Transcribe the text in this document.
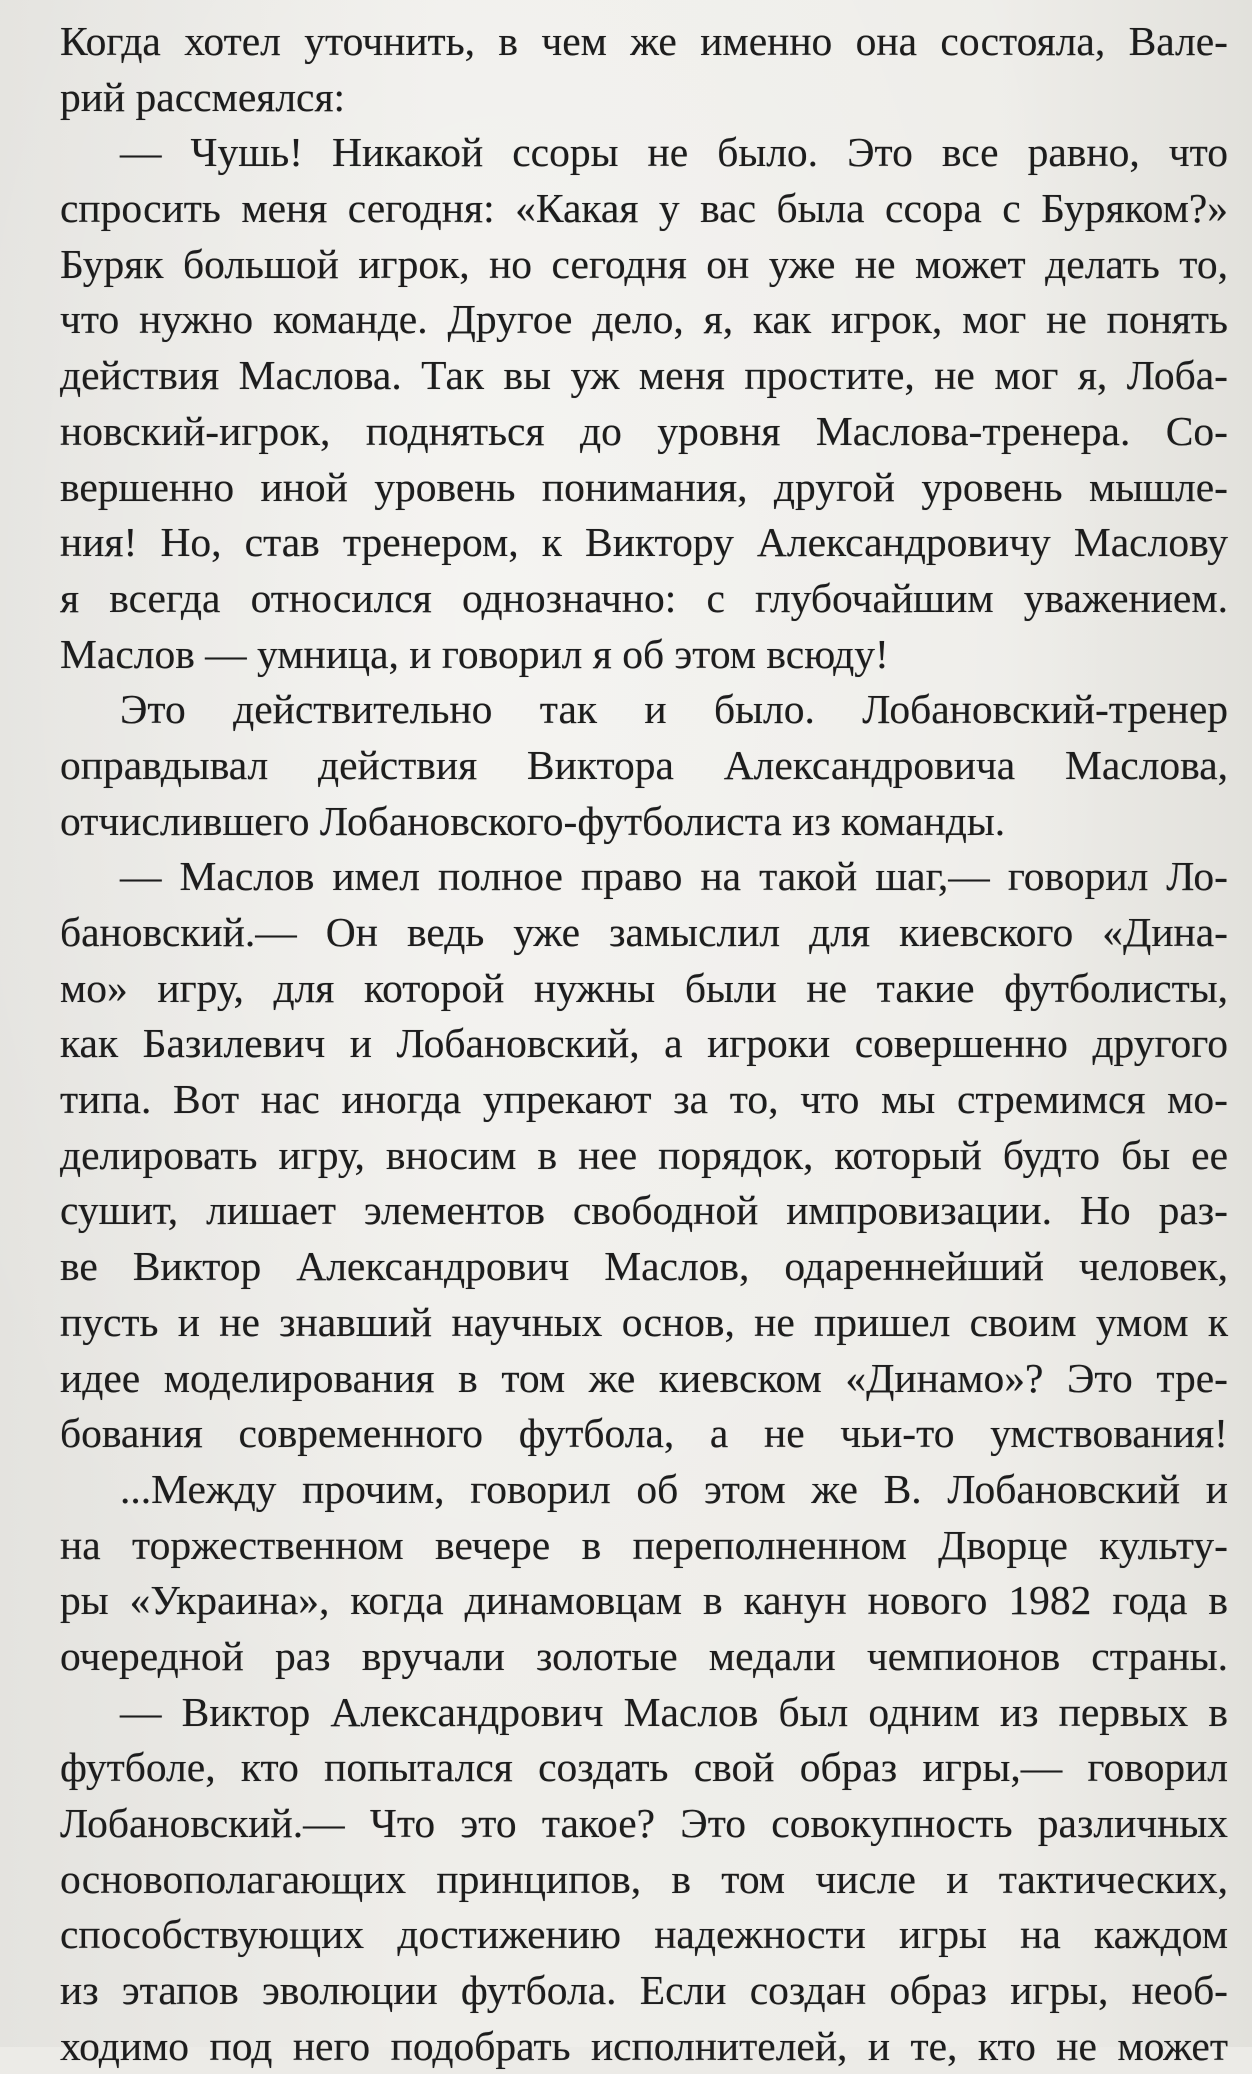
Когда хотел уточнить, в чем же именно она состояла, Вале-
рий рассмеялся:
— Чушь! Никакой ссоры не было. Это все равно, что
спросить меня сегодня: «Какая у вас была ссора с Буряком?»
Буряк большой игрок, но сегодня он уже не может делать то,
что нужно команде. Другое дело, я, как игрок, мог не понять
действия Маслова. Так вы уж меня простите, не мог я, Лоба-
новский-игрок, подняться до уровня Маслова-тренера. Со-
вершенно иной уровень понимания, другой уровень мышле-
ния! Но, став тренером, к Виктору Александровичу Маслову
я всегда относился однозначно: с глубочайшим уважением.
Маслов — умница, и говорил я об этом всюду!
Это действительно так и было. Лобановский-тренер
оправдывал действия Виктора Александровича Маслова,
отчислившего Лобановского-футболиста из команды.
— Маслов имел полное право на такой шаг,— говорил Ло-
бановский.— Он ведь уже замыслил для киевского «Дина-
мо» игру, для которой нужны были не такие футболисты,
как Базилевич и Лобановский, а игроки совершенно другого
типа. Вот нас иногда упрекают за то, что мы стремимся мо-
делировать игру, вносим в нее порядок, который будто бы ее
сушит, лишает элементов свободной импровизации. Но раз-
ве Виктор Александрович Маслов, одареннейший человек,
пусть и не знавший научных основ, не пришел своим умом к
идее моделирования в том же киевском «Динамо»? Это тре-
бования современного футбола, а не чьи-то умствования!
...Между прочим, говорил об этом же В. Лобановский и
на торжественном вечере в переполненном Дворце культу-
ры «Украина», когда динамовцам в канун нового 1982 года в
очередной раз вручали золотые медали чемпионов страны.
— Виктор Александрович Маслов был одним из первых в
футболе, кто попытался создать свой образ игры,— говорил
Лобановский.— Что это такое? Это совокупность различных
основополагающих принципов, в том числе и тактических,
способствующих достижению надежности игры на каждом
из этапов эволюции футбола. Если создан образ игры, необ-
ходимо под него подобрать исполнителей, и те, кто не может
